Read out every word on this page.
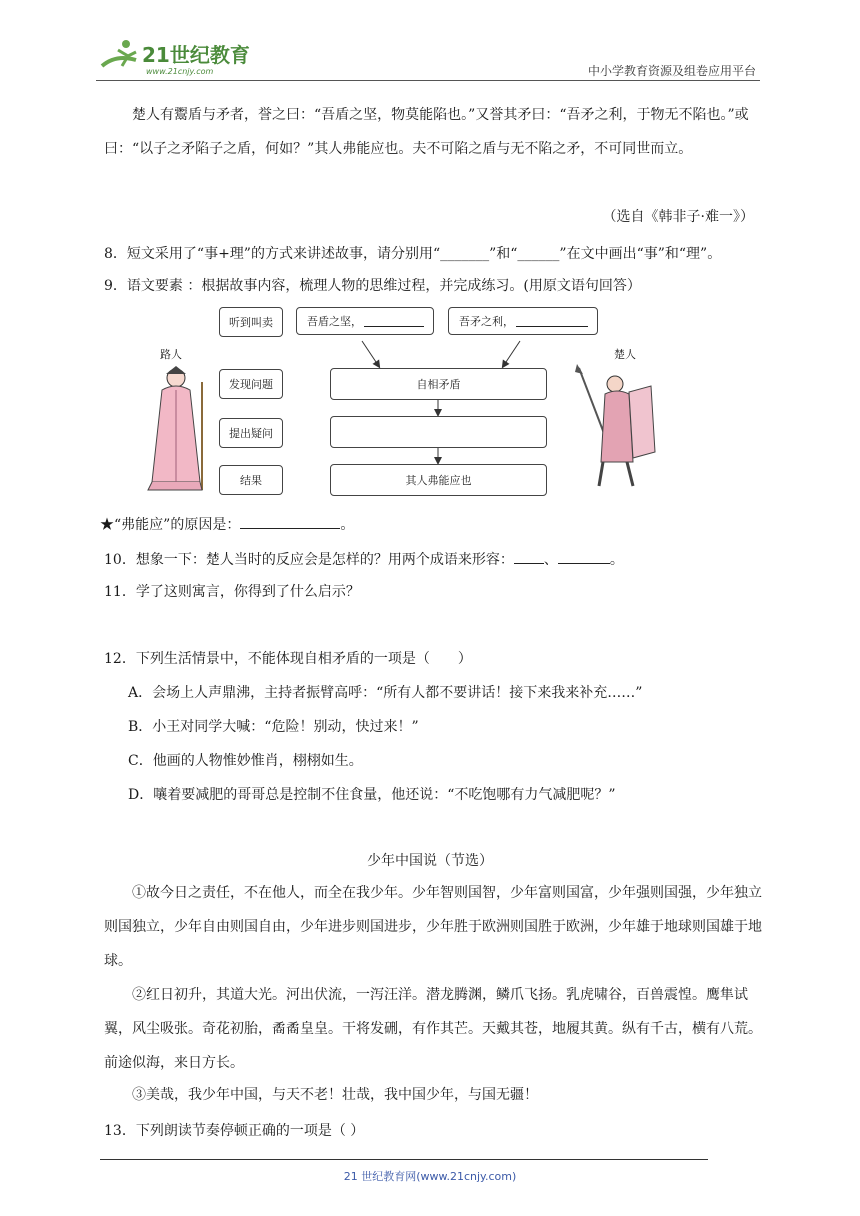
21世纪教育
www.21cnjy.com	中小学教育资源及组卷应用平台
楚人有鬻盾与矛者，誉之曰：“吾盾之坚，物莫能陷也。”又誉其矛曰：“吾矛之利，于物无不陷也。”或曰：“以子之矛陷子之盾，何如？”其人弗能应也。夫不可陷之盾与无不陷之矛，不可同世而立。
（选自《韩非子·难一》）
8．短文采用了“事+理”的方式来讲述故事，请分别用“_______”和“______”在文中画出“事”和“理”。
9．语文要素 ：根据故事内容，梳理人物的思维过程，并完成练习。(用原文语句回答）
路人	楚人
听到叫卖
发现问题
提出疑问
结果
吾盾之坚，	吾矛之利，
自相矛盾
其人弗能应也
★“弗能应”的原因是：	。
10．想象一下：楚人当时的反应会是怎样的？用两个成语来形容： 、	。
11．学了这则寓言，你得到了什么启示？
12．下列生活情景中，不能体现自相矛盾的一项是（　　）
A．会场上人声鼎沸，主持者振臂高呼：“所有人都不要讲话！接下来我来补充……”
B．小王对同学大喊：“危险！别动，快过来！”
C．他画的人物惟妙惟肖，栩栩如生。
D．嚷着要减肥的哥哥总是控制不住食量，他还说：“不吃饱哪有力气减肥呢？”
少年中国说（节选）
①故今日之责任，不在他人，而全在我少年。少年智则国智，少年富则国富，少年强则国强，少年独立则国独立，少年自由则国自由，少年进步则国进步，少年胜于欧洲则国胜于欧洲，少年雄于地球则国雄于地球。
②红日初升，其道大光。河出伏流，一泻汪洋。潜龙腾渊，鳞爪飞扬。乳虎啸谷，百兽震惶。鹰隼试翼，风尘吸张。奇花初胎，矞矞皇皇。干将发硎，有作其芒。天戴其苍，地履其黄。纵有千古，横有八荒。前途似海，来日方长。
③美哉，我少年中国，与天不老！壮哉，我中国少年，与国无疆！
13．下列朗读节奏停顿正确的一项是（ ）
21 世纪教育网(www.21cnjy.com)
